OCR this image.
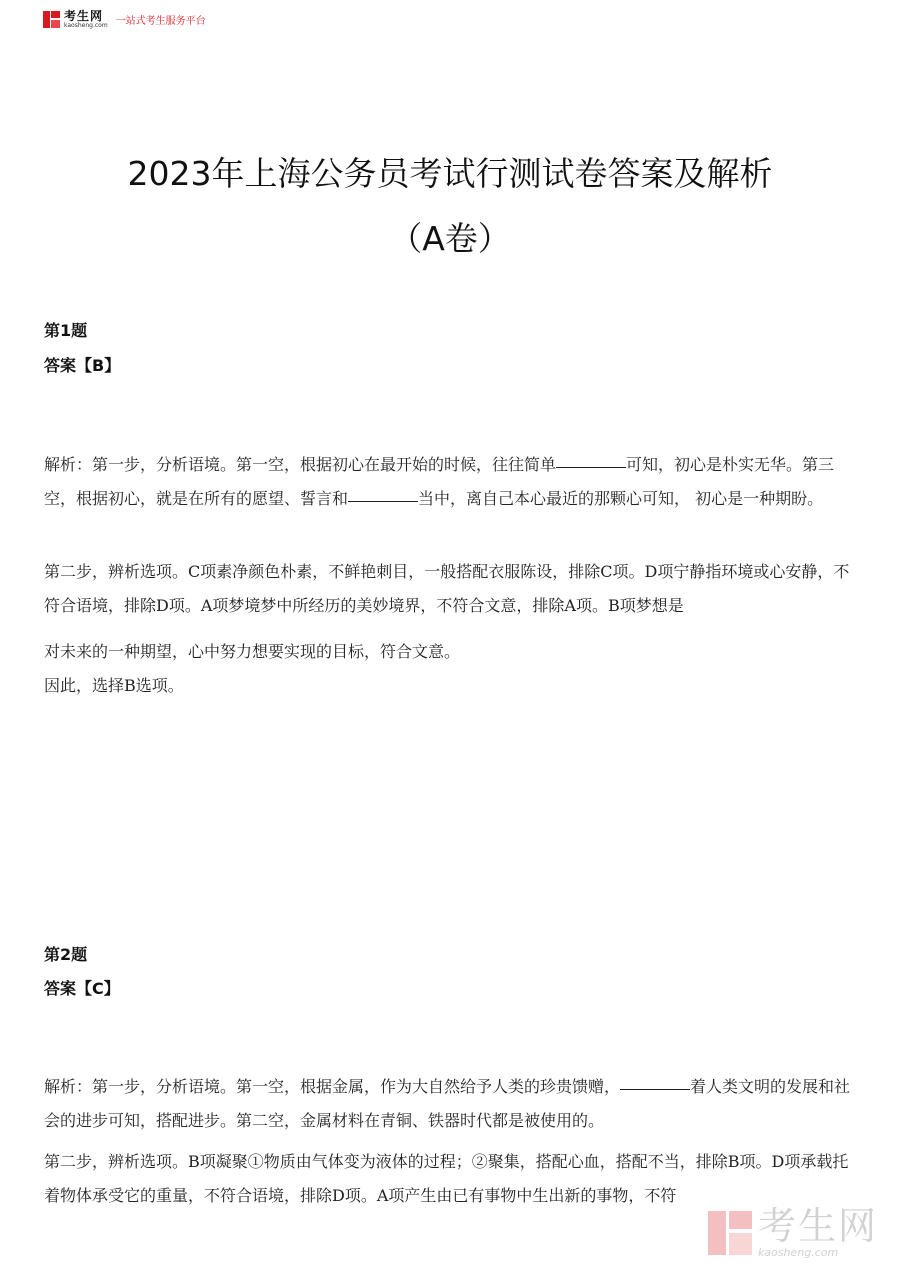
考生网
kaosheng.com 一站式考生服务平台
2023年上海公务员考试行测试卷答案及解析
（A卷）
第1题
答案【B】

解析：第一步，分析语境。第一空，根据初心在最开始的时候，往往简单	可知，初心是朴实无华。第三空，根据初心，就是在所有的愿望、誓言和	当中，离自己本心最近的那颗心可知， 初心是一种期盼。

第二步，辨析选项。C项素净颜色朴素，不鲜艳刺目，一般搭配衣服陈设，排除C项。D项宁静指环境或心安静，不符合语境，排除D项。A项梦境梦中所经历的美妙境界，不符合文意，排除A项。B项梦想是

对未来的一种期望，心中努力想要实现的目标，符合文意。

因此，选择B选项。

第2题
答案【C】

解析：第一步，分析语境。第一空，根据金属，作为大自然给予人类的珍贵馈赠，	着人类文明的发展和社会的进步可知，搭配进步。第二空，金属材料在青铜、铁器时代都是被使用的。

第二步，辨析选项。B项凝聚①物质由气体变为液体的过程；②聚集，搭配心血，搭配不当，排除B项。D项承载托着物体承受它的重量，不符合语境，排除D项。A项产生由已有事物中生出新的事物，不符

考生网
kaosheng.com
